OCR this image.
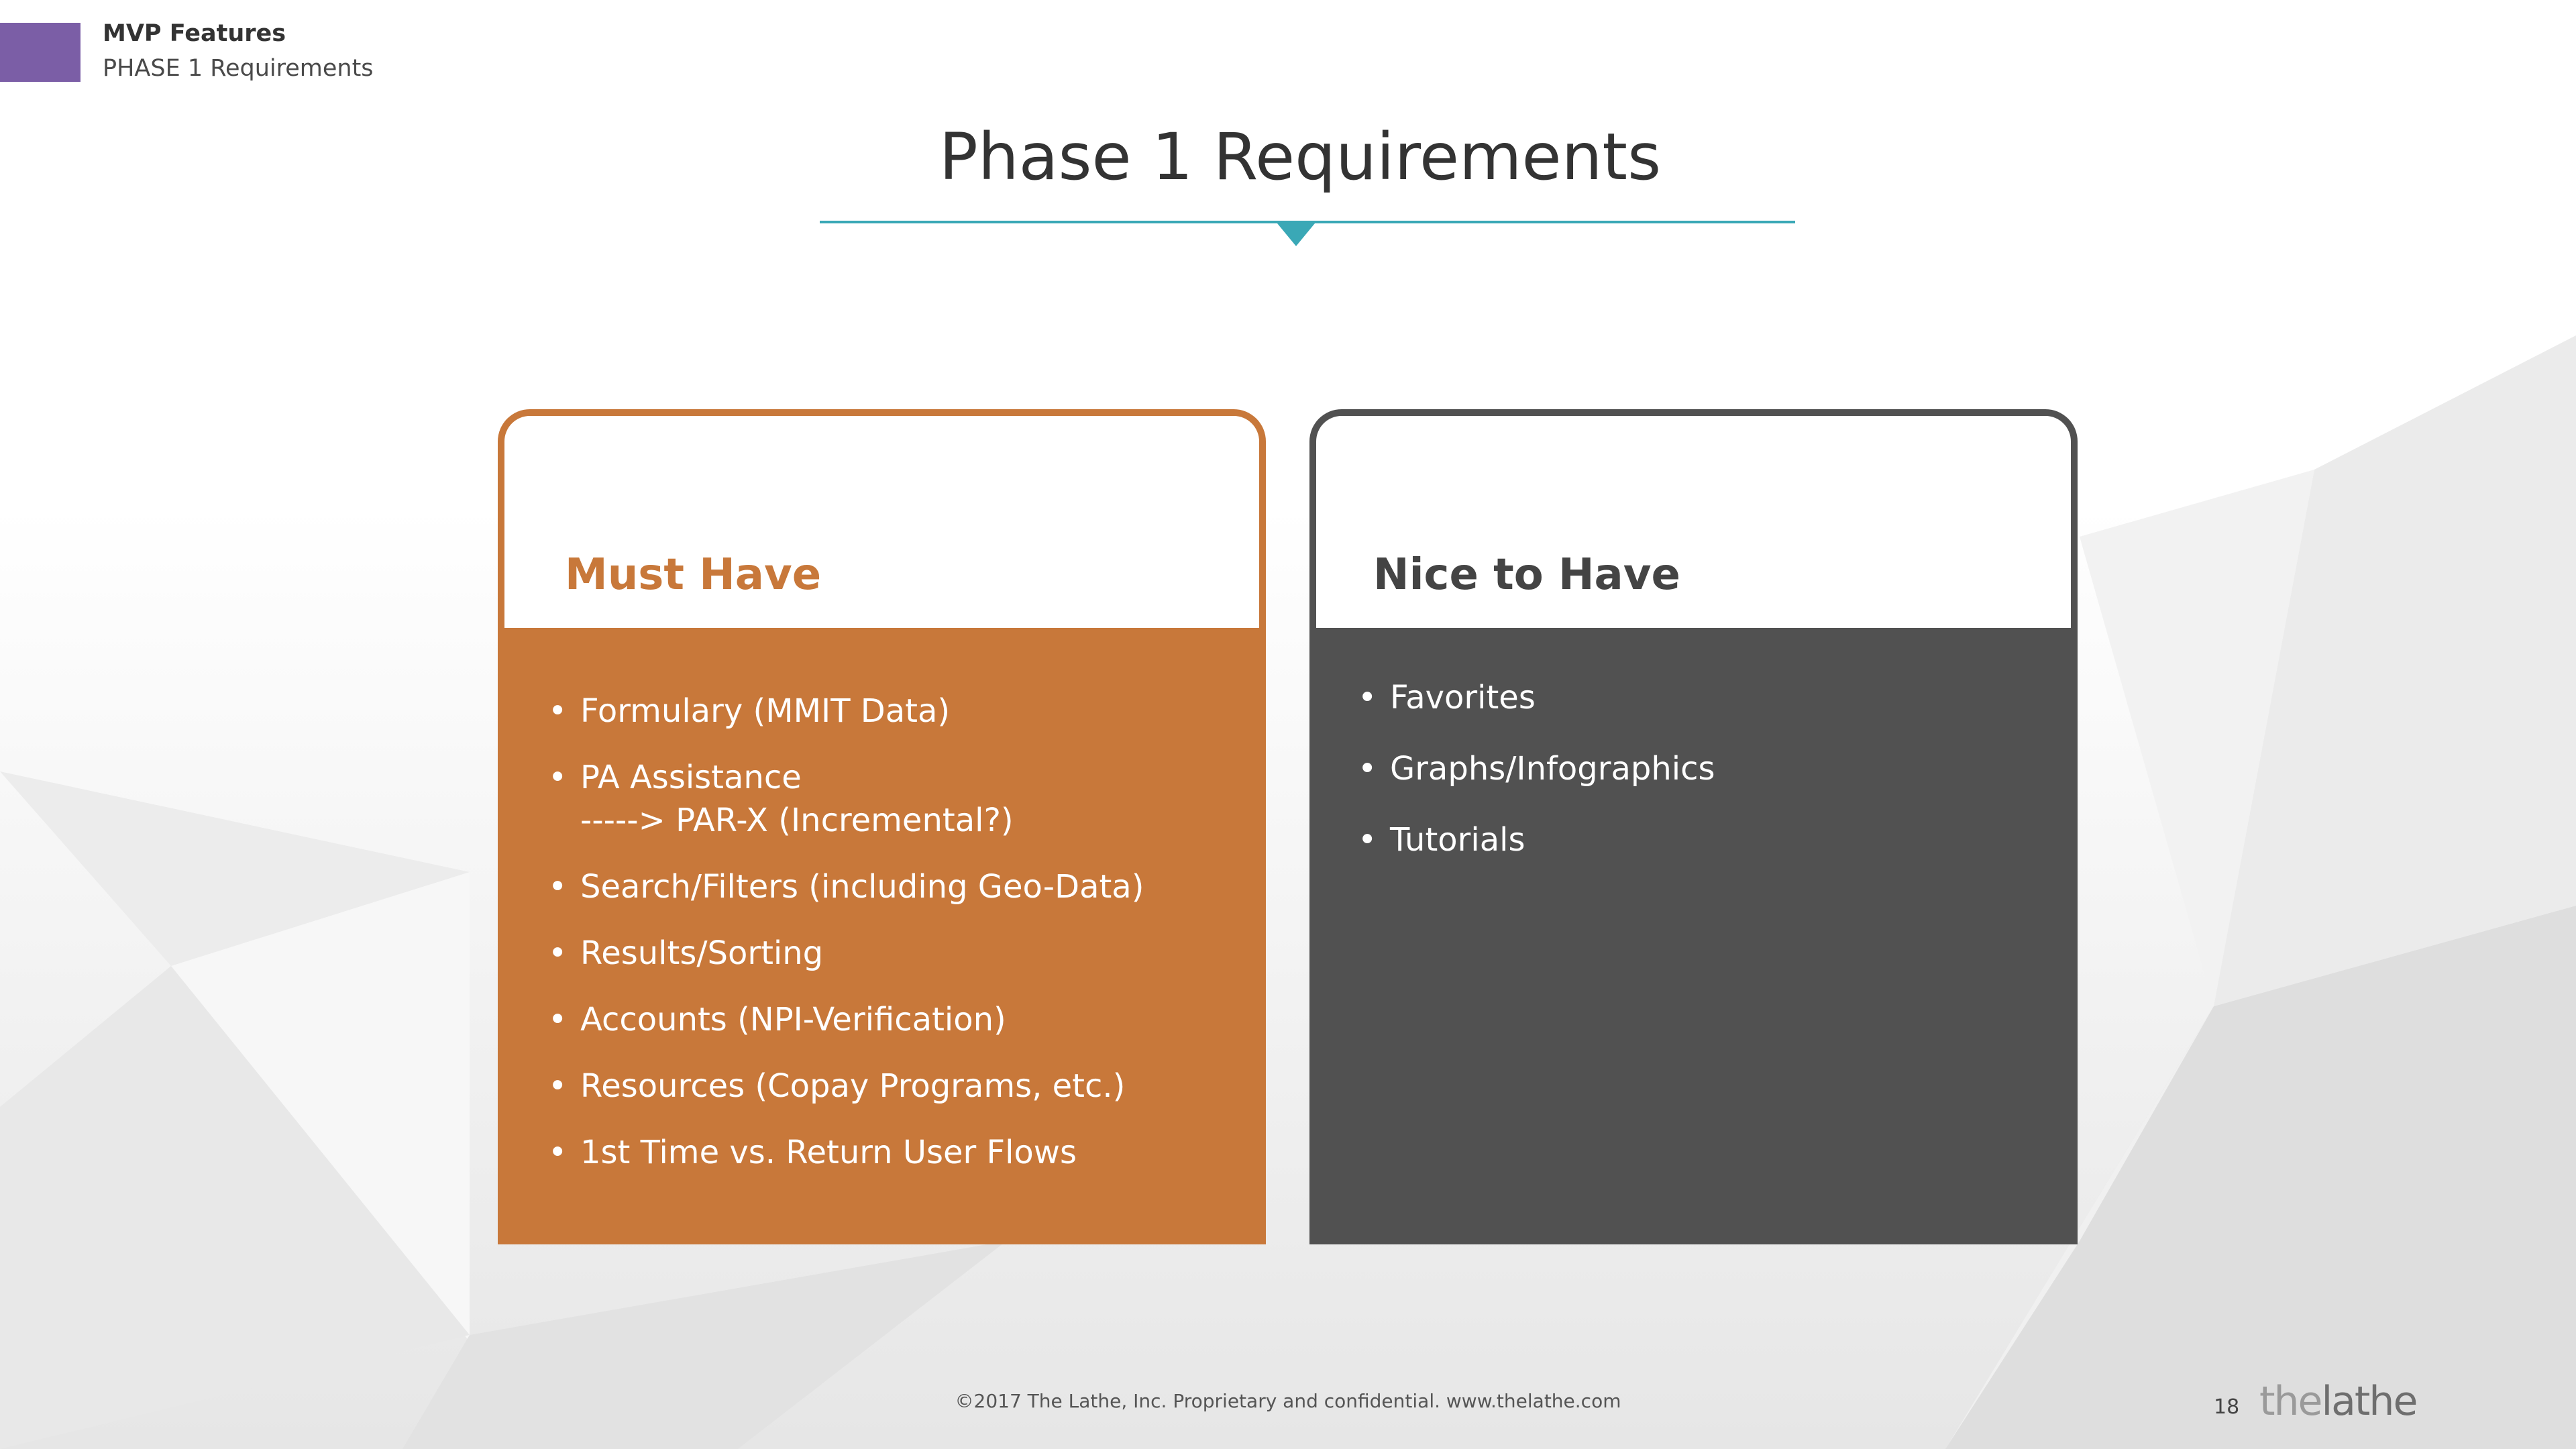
MVP Features
PHASE 1 Requirements
Phase 1 Requirements
Must Have
• Formulary (MMIT Data)
• PA Assistance
-----> PAR-X (Incremental?)
• Search/Filters (including Geo-Data)
• Results/Sorting
• Accounts (NPI-Verification)
• Resources (Copay Programs, etc.)
• 1st Time vs. Return User Flows
Nice to Have
• Favorites
• Graphs/Infographics
• Tutorials
©2017 The Lathe, Inc. Proprietary and confidential. www.thelathe.com	18 thelathe
